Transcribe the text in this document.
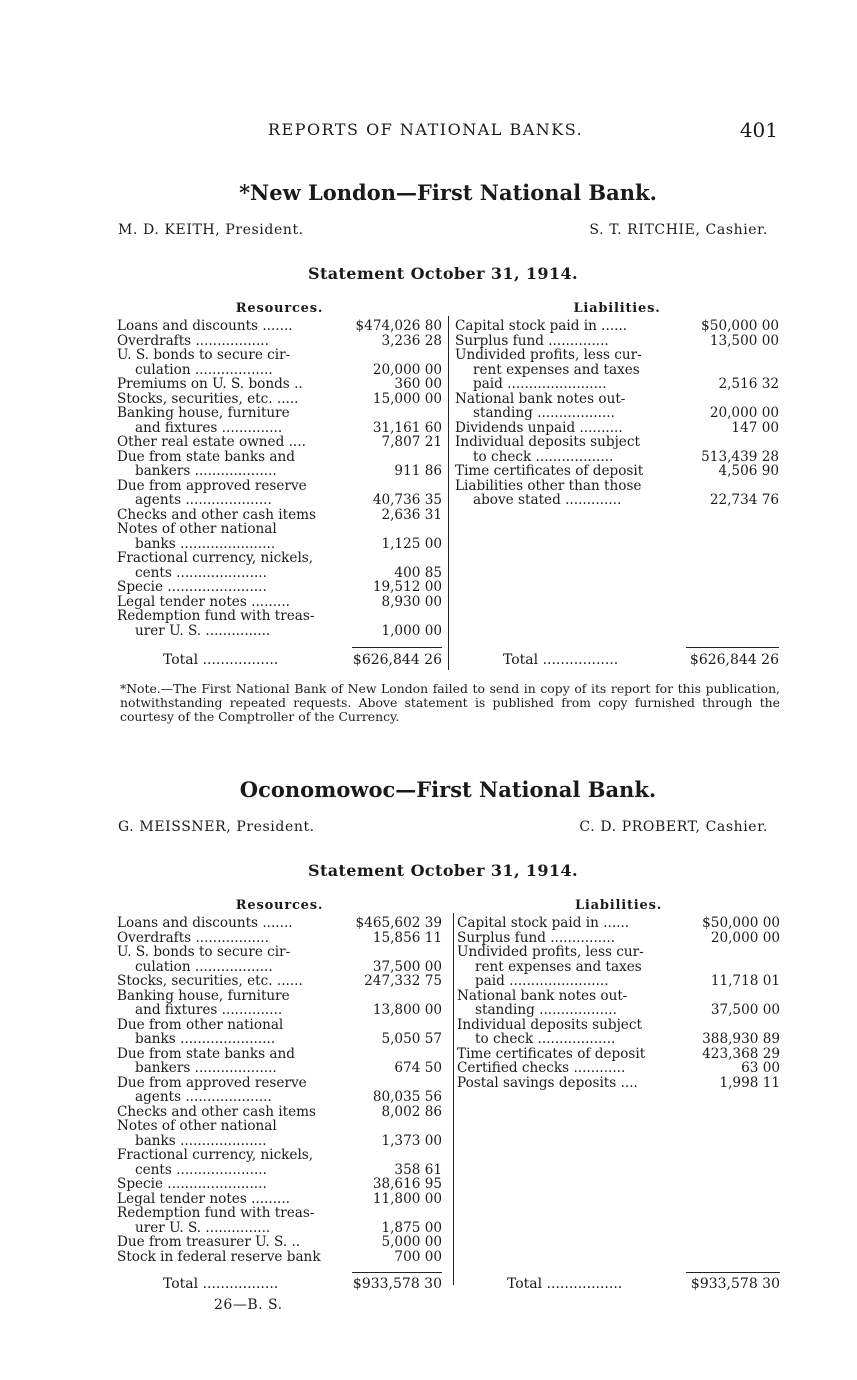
REPORTS OF NATIONAL BANKS.	401
*New London—First National Bank.
M. D. KEITH, President.	S. T. RITCHIE, Cashier.
Statement October 31, 1914.
Resources.
Loans and discounts .......	$474,026 80
Overdrafts .................	3,236 28
U. S. bonds to secure cir-
culation ..................	20,000 00
Premiums on U. S. bonds ..	360 00
Stocks, securities, etc. .....	15,000 00
Banking house, furniture
and fixtures ..............	31,161 60
Other real estate owned ....	7,807 21
Due from state banks and
bankers ...................	911 86
Due from approved reserve
agents ....................	40,736 35
Checks and other cash items	2,636 31
Notes of other national
banks ......................	1,125 00
Fractional currency, nickels,
cents .....................	400 85
Specie .......................	19,512 00
Legal tender notes .........	8,930 00
Redemption fund with treas-
urer U. S. ...............	1,000 00
Liabilities.
Capital stock paid in ......	$50,000 00
Surplus fund ..............	13,500 00
Undivided profits, less cur-
rent expenses and taxes
paid .......................	2,516 32
National bank notes out-
standing ..................	20,000 00
Dividends unpaid ..........	147 00
Individual deposits subject
to check ..................	513,439 28
Time certificates of deposit	4,506 90
Liabilities other than those
above stated .............	22,734 76
Total .................	$626,844 26	Total .................	$626,844 26
*Note.—The First National Bank of New London failed to send in copy of its report for this publication, notwithstanding repeated requests. Above statement is published from copy furnished through the courtesy of the Comptroller of the Currency.
Oconomowoc—First National Bank.
G. MEISSNER, President.	C. D. PROBERT, Cashier.
Statement October 31, 1914.
Resources.
Loans and discounts .......	$465,602 39
Overdrafts .................	15,856 11
U. S. bonds to secure cir-
culation ..................	37,500 00
Stocks, securities, etc. ......	247,332 75
Banking house, furniture
and fixtures ..............	13,800 00
Due from other national
banks ......................	5,050 57
Due from state banks and
bankers ...................	674 50
Due from approved reserve
agents ....................	80,035 56
Checks and other cash items	8,002 86
Notes of other national
banks ....................	1,373 00
Fractional currency, nickels,
cents .....................	358 61
Specie .......................	38,616 95
Legal tender notes .........	11,800 00
Redemption fund with treas-
urer U. S. ...............	1,875 00
Due from treasurer U. S. ..	5,000 00
Stock in federal reserve bank	700 00
Liabilities.
Capital stock paid in ......	$50,000 00
Surplus fund ...............	20,000 00
Undivided profits, less cur-
rent expenses and taxes
paid .......................	11,718 01
National bank notes out-
standing ..................	37,500 00
Individual deposits subject
to check ..................	388,930 89
Time certificates of deposit	423,368 29
Certified checks ............	63 00
Postal savings deposits ....	1,998 11
Total .................	$933,578 30	Total .................	$933,578 30
26—B. S.
